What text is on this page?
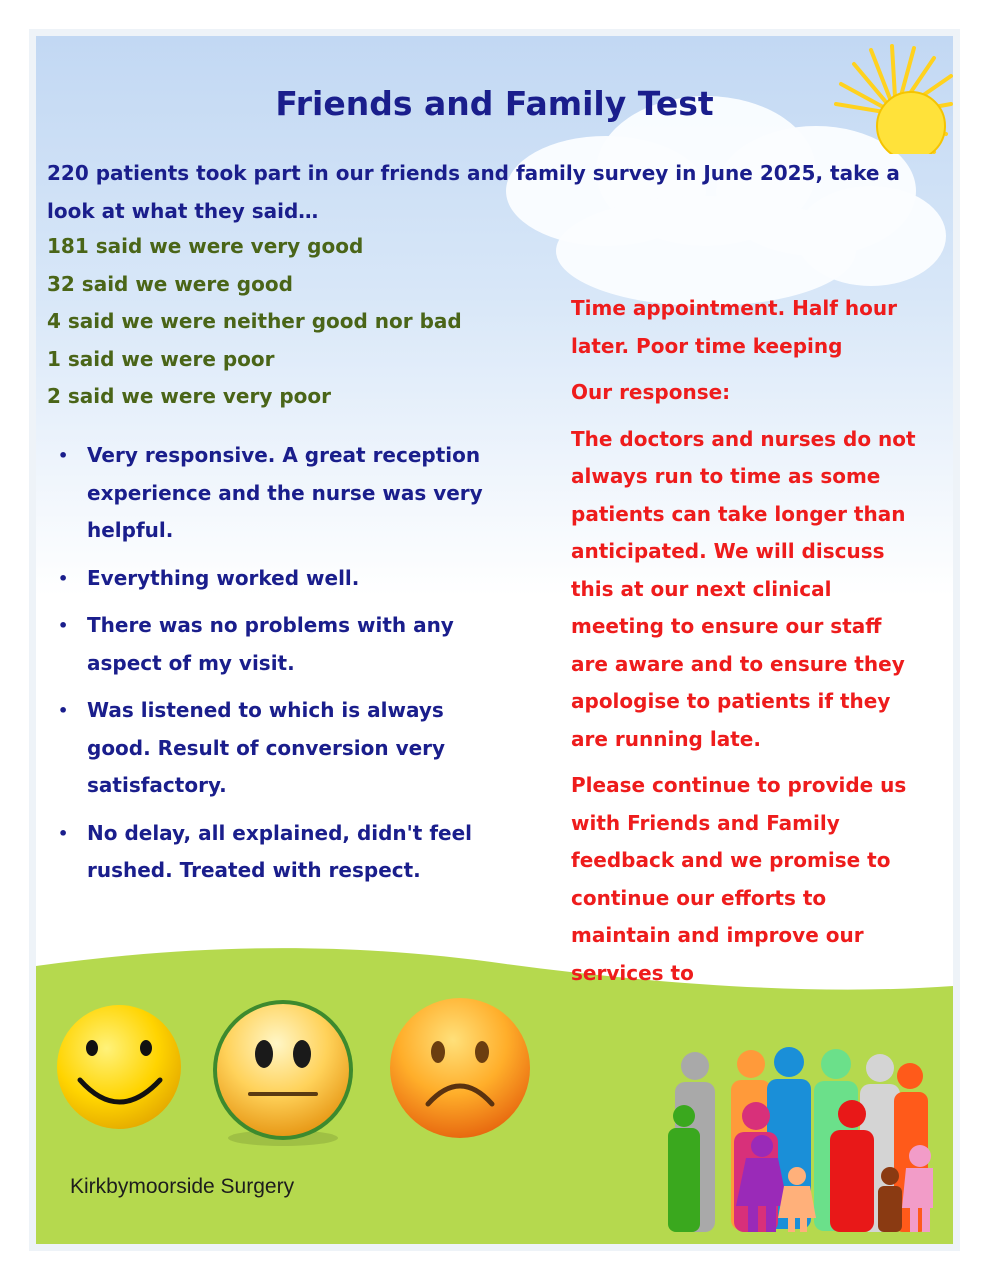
Friends and Family Test
220 patients took part in our friends and family survey in June 2025, take a look at what they said…
181 said we were very good
32 said we were good
4 said we were neither good nor bad
1 said we were poor
2 said we were very poor
• Very responsive. A great reception experience and the nurse was very helpful.
• Everything worked well.
• There was no problems with any aspect of my visit.
• Was listened to which is always good. Result of conversion very satisfactory.
• No delay, all explained, didn't feel rushed. Treated with respect.

Time appointment. Half hour later. Poor time keeping

Our response:

The doctors and nurses do not always run to time as some patients can take longer than anticipated. We will discuss this at our next clinical meeting to ensure our staff are aware and to ensure they apologise to patients if they are running late.

Please continue to provide us with Friends and Family feedback and we promise to continue our efforts to maintain and improve our services to

Kirkbymoorside Surgery
